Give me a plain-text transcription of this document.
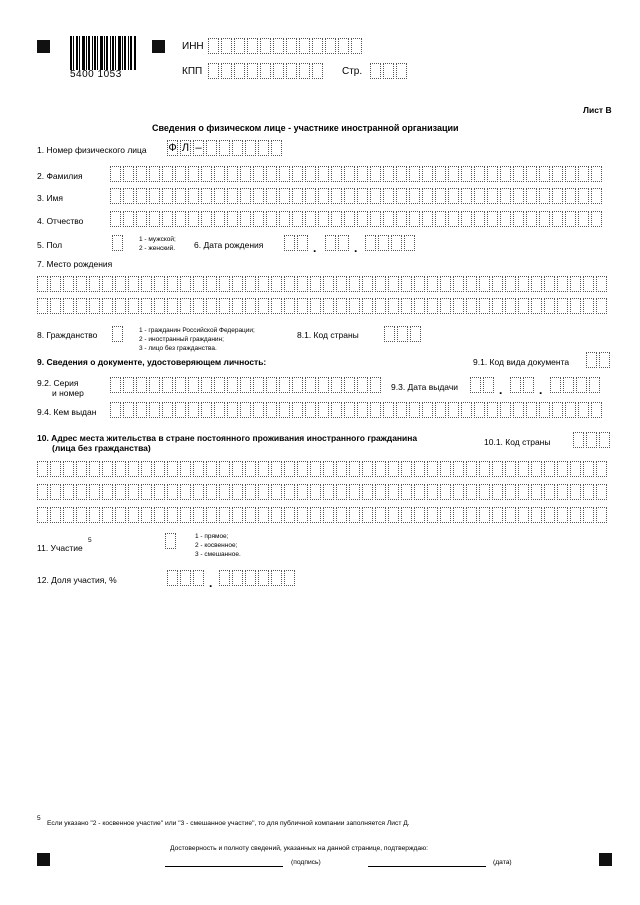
5400 1053
ИНН
КПП	Стр.
Лист В
Сведения о физическом лице - участнике иностранной организации
1. Номер физического лица Ф Л –
2. Фамилия
3. Имя
4. Отчество
5. Пол
1 - мужской;
2 - женский. 6. Дата рождения	.	.
7. Место рождения
8. Гражданство	1 - гражданин Российской Федерации;
2 - иностранный гражданин;
3 - лицо без гражданства.
8.1. Код страны
9. Сведения о документе, удостоверяющем личность:	9.1. Код вида документа
9.2. Серия
и номер
9.3. Дата выдачи	.	.
9.4. Кем выдан
10. Адрес места жительства в стране постоянного проживания иностранного гражданина
(лица без гражданства)
10.1. Код страны
11. Участие
5
1 - прямое;
2 - косвенное;
3 - смешанное.
12. Доля участия, %	.
5
Если указано "2 - косвенное участие" или "3 - смешанное участие", то для публичной компании заполняется Лист Д.
Достоверность и полноту сведений, указанных на данной странице, подтверждаю:
(подпись)	(дата)
